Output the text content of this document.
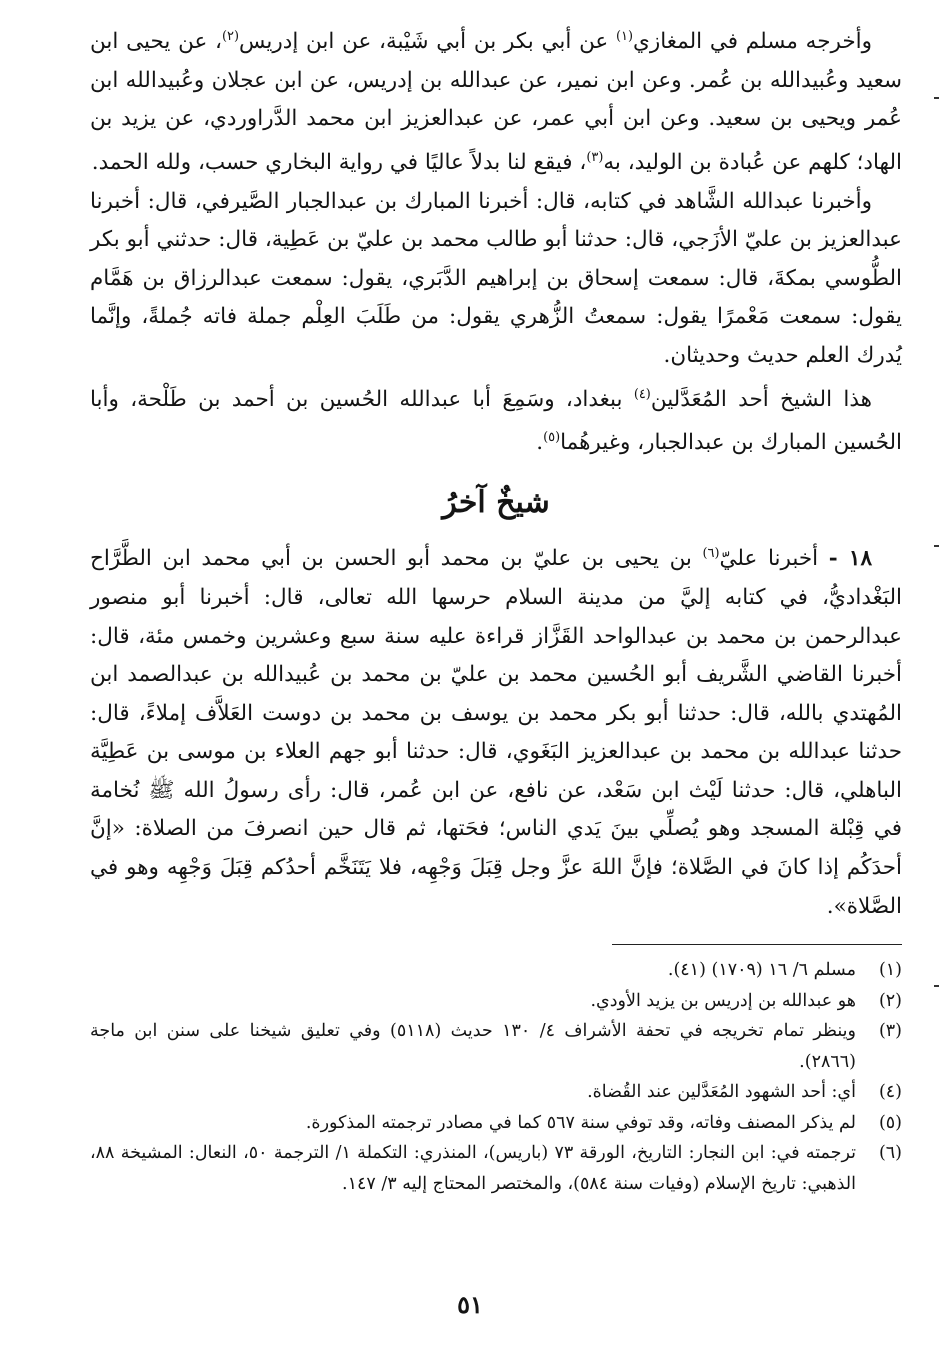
وأخرجه مسلم في المغازي$^{(١)}$ عن أبي بكر بن أبي شَيْبة، عن ابن إدريس$^{(٢)}$، عن يحيى ابن سعيد وعُبيدالله بن عُمر. وعن ابن نمير، عن عبدالله بن إدريس، عن ابن عجلان وعُبيدالله ابن عُمر ويحيى بن سعيد. وعن ابن أبي عمر، عن عبدالعزيز ابن محمد الدَّراوردي، عن يزيد بن الهاد؛ كلهم عن عُبادة بن الوليد، به$^{(٣)}$، فيقع لنا بدلاً عاليًا في رواية البخاري حسب، ولله الحمد.

وأخبرنا عبدالله الشَّاهد في كتابه، قال: أخبرنا المبارك بن عبدالجبار الصَّيرفي، قال: أخبرنا عبدالعزيز بن عليّ الأزَجي، قال: حدثنا أبو طالب محمد بن عليّ بن عَطِية، قال: حدثني أبو بكر الطُّوسي بمكةَ، قال: سمعت إسحاق بن إبراهيم الدَّبَري، يقول: سمعت عبدالرزاق بن هَمَّام يقول: سمعت مَعْمرًا يقول: سمعتُ الزُّهري يقول: من طَلَبَ العِلْم جملة فاته جُملةً، وإنَّما يُدرك العلم حديث وحديثان.

هذا الشيخ أحد المُعَدَّلين$^{(٤)}$ ببغداد، وسَمِعَ أبا عبدالله الحُسين بن أحمد بن طَلْحة، وأبا الحُسين المبارك بن عبدالجبار، وغيرهُما$^{(٥)}$.

شيخٌ آخرُ

١٨ - أخبرنا عليّ$^{(٦)}$ بن يحيى بن عليّ بن محمد أبو الحسن بن أبي محمد ابن الطَّرَّاح البَغْداديُّ، في كتابه إليَّ من مدينة السلام حرسها الله تعالى، قال: أخبرنا أبو منصور عبدالرحمن بن محمد بن عبدالواحد القَزَّاز قراءة عليه سنة سبع وعشرين وخمس مئة، قال: أخبرنا القاضي الشَّريف أبو الحُسين محمد بن عليّ بن محمد بن عُبيدالله بن عبدالصمد ابن المُهتدي بالله، قال: حدثنا أبو بكر محمد بن يوسف بن محمد بن دوست العَلاَّف إملاءً، قال: حدثنا عبدالله بن محمد بن عبدالعزيز البَغَوي، قال: حدثنا أبو جهم العلاء بن موسى بن عَطِيَّة الباهلي، قال: حدثنا لَيْث ابن سَعْد، عن نافع، عن ابن عُمر، قال: رأى رسولُ الله ﷺ نُخامة في قِبْلة المسجد وهو يُصلِّي بينَ يَدي الناس؛ فحَتها، ثم قال حين انصرفَ من الصلاة: «إنَّ أحدَكُم إذا كانَ في الصَّلاة؛ فإنَّ اللهَ عزَّ وجل قِبَلَ وَجْهِه، فلا يَتَنَخَّم أحدُكم قِبَلَ وَجْهِه وهو في الصَّلاة».

(١)
مسلم ٦/ ١٦ (١٧٠٩) (٤١).
(٢)
هو عبدالله بن إدريس بن يزيد الأودي.
(٣)
وينظر تمام تخريجه في تحفة الأشراف ٤/ ١٣٠ حديث (٥١١٨) وفي تعليق شيخنا على سنن ابن ماجة (٢٨٦٦).
(٤)
أي: أحد الشهود المُعَدَّلين عند القُضاة.
(٥)
لم يذكر المصنف وفاته، وقد توفي سنة ٥٦٧ كما في مصادر ترجمته المذكورة.
(٦)
ترجمته في: ابن النجار: التاريخ، الورقة ٧٣ (باريس)، المنذري: التكملة ١/ الترجمة ٥٠، النعال: المشيخة ٨٨، الذهبي: تاريخ الإسلام (وفيات سنة ٥٨٤)، والمختصر المحتاج إليه ٣/ ١٤٧.
٥١
